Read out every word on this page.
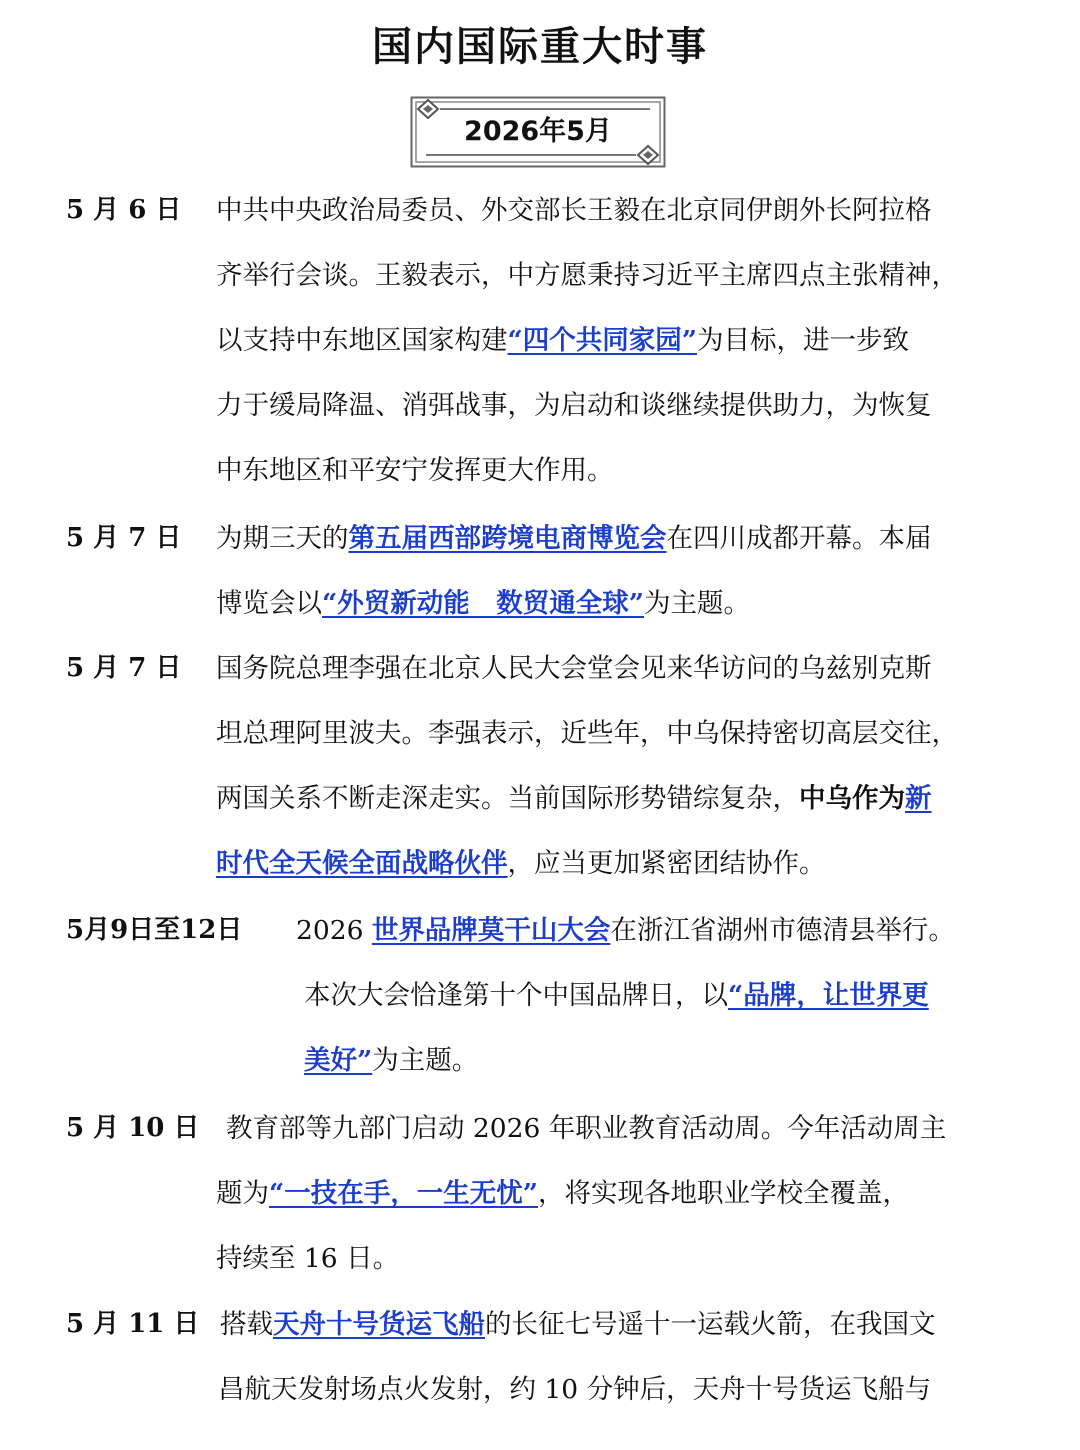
国内国际重大时事
2026年5月
5 月 6 日 中共中央政治局委员、外交部长王毅在北京同伊朗外长阿拉格
齐举行会谈。王毅表示，中方愿秉持习近平主席四点主张精神，
以支持中东地区国家构建“四个共同家园”为目标，进一步致
力于缓局降温、消弭战事，为启动和谈继续提供助力，为恢复
中东地区和平安宁发挥更大作用。
5 月 7 日 为期三天的第五届西部跨境电商博览会在四川成都开幕。本届
博览会以“外贸新动能　数贸通全球”为主题。
5 月 7 日 国务院总理李强在北京人民大会堂会见来华访问的乌兹别克斯
坦总理阿里波夫。李强表示，近些年，中乌保持密切高层交往，
两国关系不断走深走实。当前国际形势错综复杂，中乌作为新
时代全天候全面战略伙伴，应当更加紧密团结协作。
5月9日至12日 2026 世界品牌莫干山大会在浙江省湖州市德清县举行。
本次大会恰逢第十个中国品牌日，以“品牌，让世界更
美好”为主题。
5 月 10 日 教育部等九部门启动 2026 年职业教育活动周。今年活动周主
题为“一技在手，一生无忧”，将实现各地职业学校全覆盖，
持续至 16 日。
5 月 11 日 搭载天舟十号货运飞船的长征七号遥十一运载火箭，在我国文
昌航天发射场点火发射，约 10 分钟后，天舟十号货运飞船与
